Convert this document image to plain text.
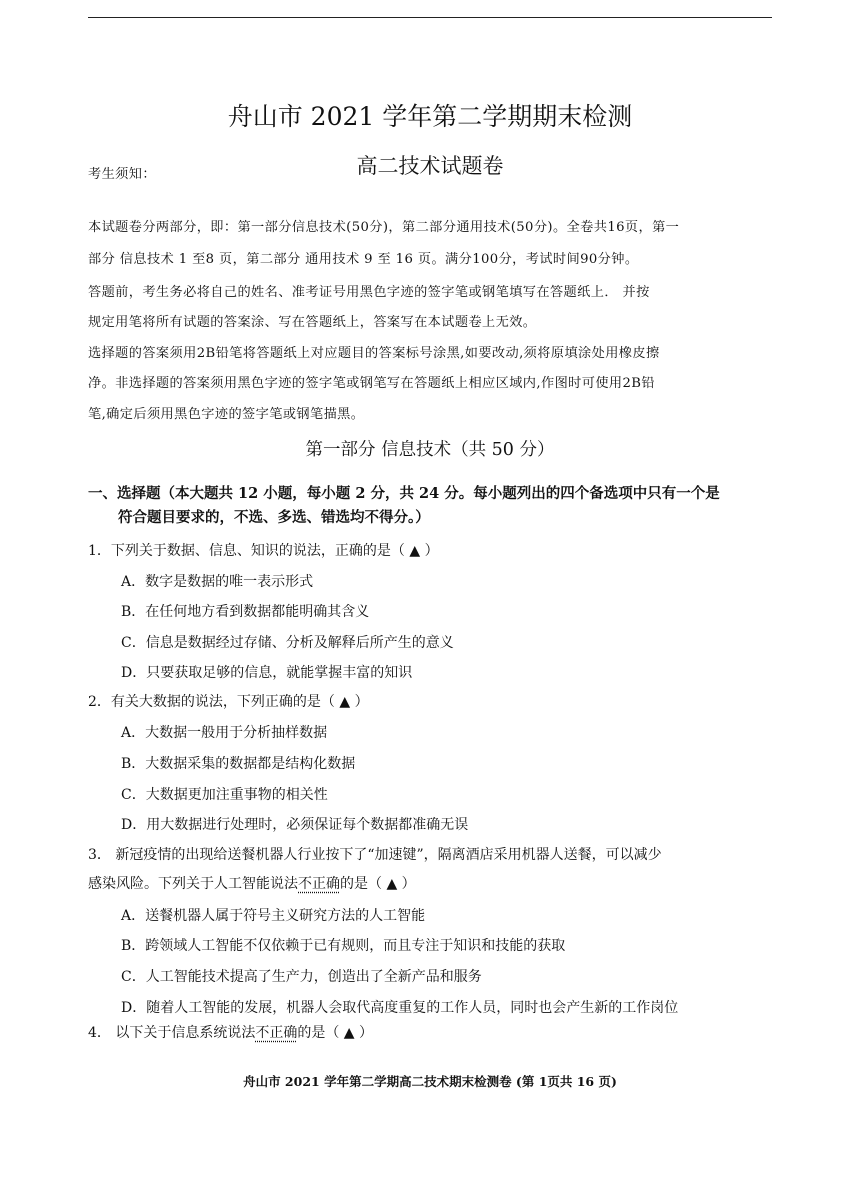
舟山市 2021 学年第二学期期末检测
高二技术试题卷
考生须知：
本试题卷分两部分，即：第一部分信息技术(50分)，第二部分通用技术(50分)。全卷共16页，第一
部分 信息技术 1 至8 页，第二部分 通用技术 9 至 16 页。满分100分，考试时间90分钟。
答题前，考生务必将自己的姓名、准考证号用黑色字迹的签字笔或钢笔填写在答题纸上． 并按
规定用笔将所有试题的答案涂、写在答题纸上，答案写在本试题卷上无效。
选择题的答案须用2B铅笔将答题纸上对应题目的答案标号涂黑,如要改动,须将原填涂处用橡皮擦
净。非选择题的答案须用黑色字迹的签字笔或钢笔写在答题纸上相应区域内,作图时可使用2B铅
笔,确定后须用黑色字迹的签字笔或钢笔描黑。
第一部分 信息技术（共 50 分）
一、选择题（本大题共 12 小题，每小题 2 分，共 24 分。每小题列出的四个备选项中只有一个是
符合题目要求的，不选、多选、错选均不得分。）
1．下列关于数据、信息、知识的说法，正确的是（ ▲ ）
A．数字是数据的唯一表示形式
B．在任何地方看到数据都能明确其含义
C．信息是数据经过存储、分析及解释后所产生的意义
D．只要获取足够的信息，就能掌握丰富的知识
2．有关大数据的说法，下列正确的是（ ▲ ）
A．大数据一般用于分析抽样数据
B．大数据采集的数据都是结构化数据
C．大数据更加注重事物的相关性
D．用大数据进行处理时，必须保证每个数据都准确无误
3． 新冠疫情的出现给送餐机器人行业按下了“加速键”，隔离酒店采用机器人送餐，可以减少
感染风险。下列关于人工智能说法不正确的是（ ▲ ）
A．送餐机器人属于符号主义研究方法的人工智能
B．跨领域人工智能不仅依赖于已有规则，而且专注于知识和技能的获取
C．人工智能技术提高了生产力，创造出了全新产品和服务
D．随着人工智能的发展，机器人会取代高度重复的工作人员，同时也会产生新的工作岗位
4． 以下关于信息系统说法不正确的是（ ▲ ）
舟山市 2021 学年第二学期高二技术期末检测卷 (第 1页共 16 页)
